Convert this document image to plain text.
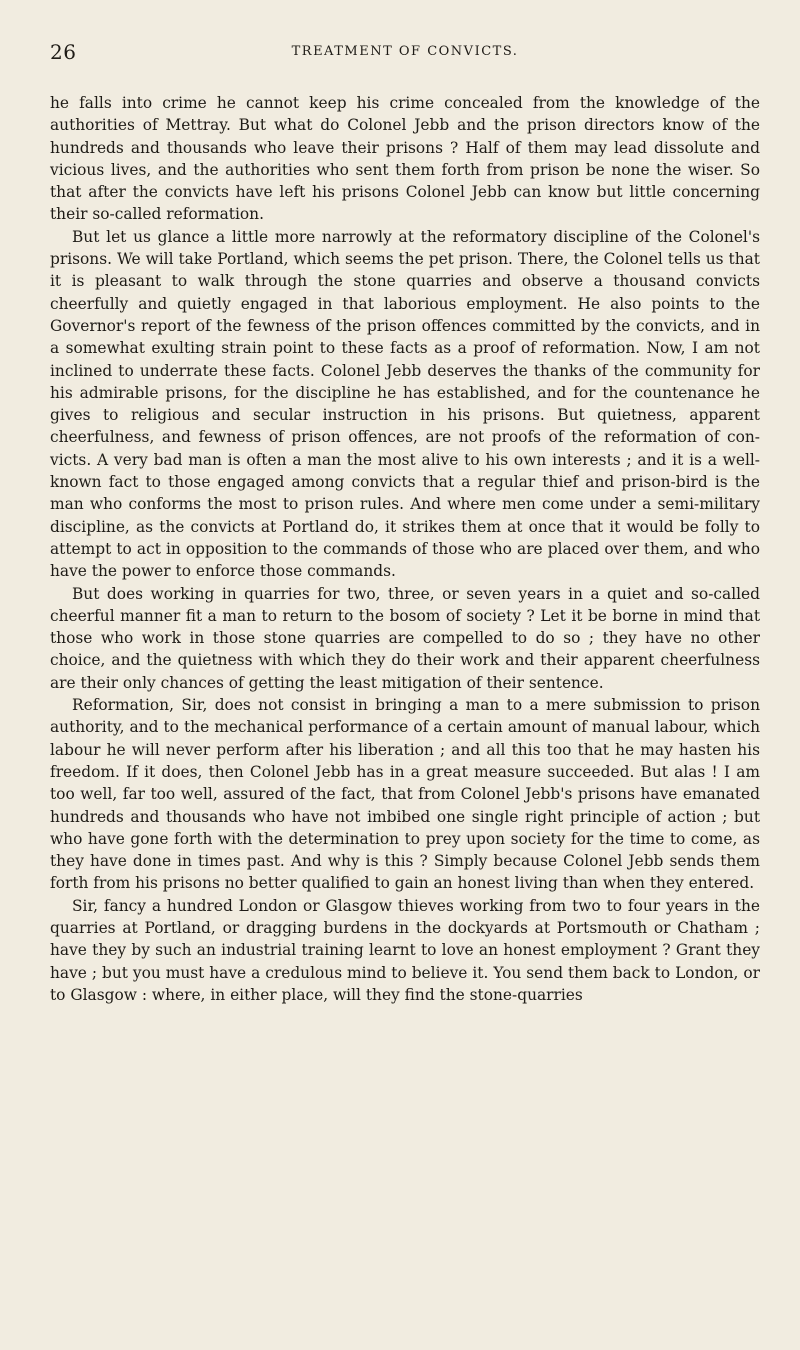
26	TREATMENT OF CONVICTS.

he falls into crime he cannot keep his crime concealed from the knowledge of the authorities of Mettray. But what do Colonel Jebb and the prison directors know of the hundreds and thousands who leave their prisons ? Half of them may lead dissolute and vicious lives, and the authorities who sent them forth from prison be none the wiser. So that after the convicts have left his prisons Colonel Jebb can know but little concerning their so-called reformation.

But let us glance a little more narrowly at the reformatory discipline of the Colonel's prisons. We will take Portland, which seems the pet prison. There, the Colonel tells us that it is pleasant to walk through the stone quarries and observe a thousand convicts cheerfully and quietly engaged in that laborious employment. He also points to the Governor's report of the fewness of the prison offences committed by the convicts, and in a somewhat exulting strain point to these facts as a proof of reformation. Now, I am not inclined to underrate these facts. Colonel Jebb deserves the thanks of the community for his admirable prisons, for the discipline he has established, and for the countenance he gives to religious and secular instruction in his prisons. But quietness, apparent cheerfulness, and fewness of prison offences, are not proofs of the reformation of convicts. A very bad man is often a man the most alive to his own interests ; and it is a well-known fact to those engaged among convicts that a regular thief and prison-bird is the man who conforms the most to prison rules. And where men come under a semi-military discipline, as the convicts at Portland do, it strikes them at once that it would be folly to attempt to act in opposition to the commands of those who are placed over them, and who have the power to enforce those commands.

But does working in quarries for two, three, or seven years in a quiet and so-called cheerful manner fit a man to return to the bosom of society ? Let it be borne in mind that those who work in those stone quarries are compelled to do so ; they have no other choice, and the quietness with which they do their work and their apparent cheerfulness are their only chances of getting the least mitigation of their sentence.

Reformation, Sir, does not consist in bringing a man to a mere submission to prison authority, and to the mechanical performance of a certain amount of manual labour, which labour he will never perform after his liberation ; and all this too that he may hasten his freedom. If it does, then Colonel Jebb has in a great measure succeeded. But alas ! I am too well, far too well, assured of the fact, that from Colonel Jebb's prisons have emanated hundreds and thousands who have not imbibed one single right principle of action ; but who have gone forth with the determination to prey upon society for the time to come, as they have done in times past. And why is this ? Simply because Colonel Jebb sends them forth from his prisons no better qualified to gain an honest living than when they entered.

Sir, fancy a hundred London or Glasgow thieves working from two to four years in the quarries at Portland, or dragging burdens in the dockyards at Portsmouth or Chatham ; have they by such an industrial training learnt to love an honest employment ? Grant they have ; but you must have a credulous mind to believe it. You send them back to London, or to Glasgow : where, in either place, will they find the stone-quarries
